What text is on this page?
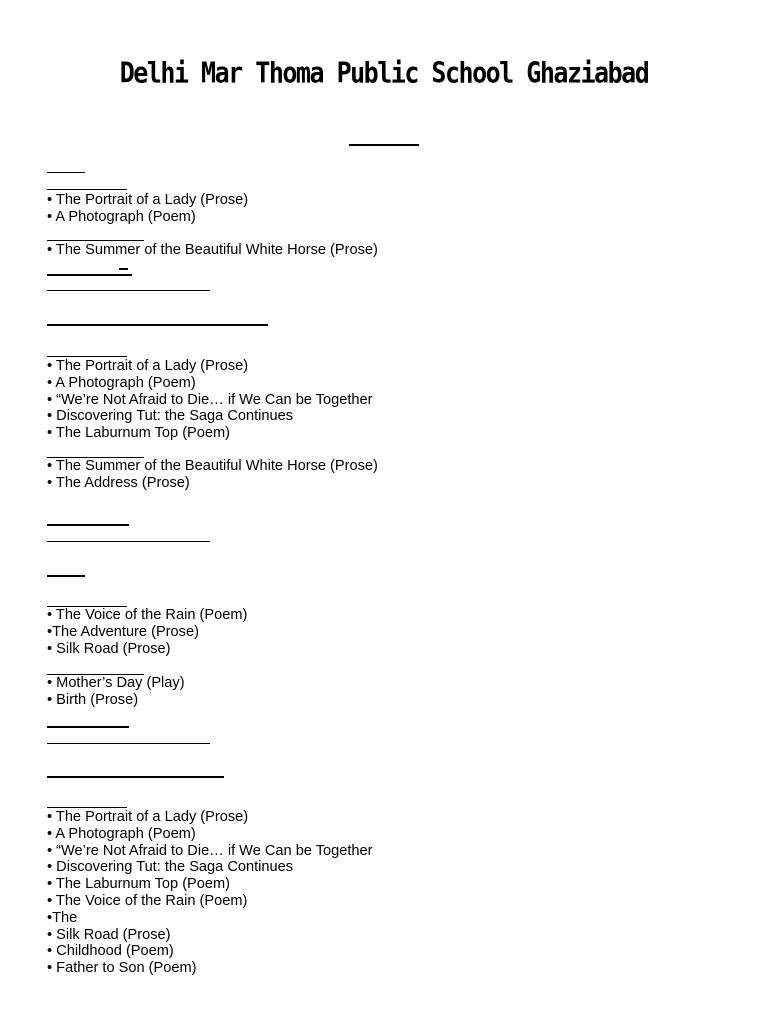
Delhi Mar Thoma Public School Ghaziabad
• The Portrait of a Lady (Prose)
• A Photograph (Poem)
• The Summer of the Beautiful White Horse (Prose)
• The Portrait of a Lady (Prose)
• A Photograph (Poem)
• “We’re Not Afraid to Die… if We Can be Together
• Discovering Tut: the Saga Continues
• The Laburnum Top (Poem)
• The Summer of the Beautiful White Horse (Prose)
• The Address (Prose)
• The Voice of the Rain (Poem)
•The Adventure (Prose)
• Silk Road (Prose)
• Mother’s Day (Play)
• Birth (Prose)
• The Portrait of a Lady (Prose)
• A Photograph (Poem)
• “We’re Not Afraid to Die… if We Can be Together
• Discovering Tut: the Saga Continues
• The Laburnum Top (Poem)
• The Voice of the Rain (Poem)
•The
• Silk Road (Prose)
• Childhood (Poem)
• Father to Son (Poem)
